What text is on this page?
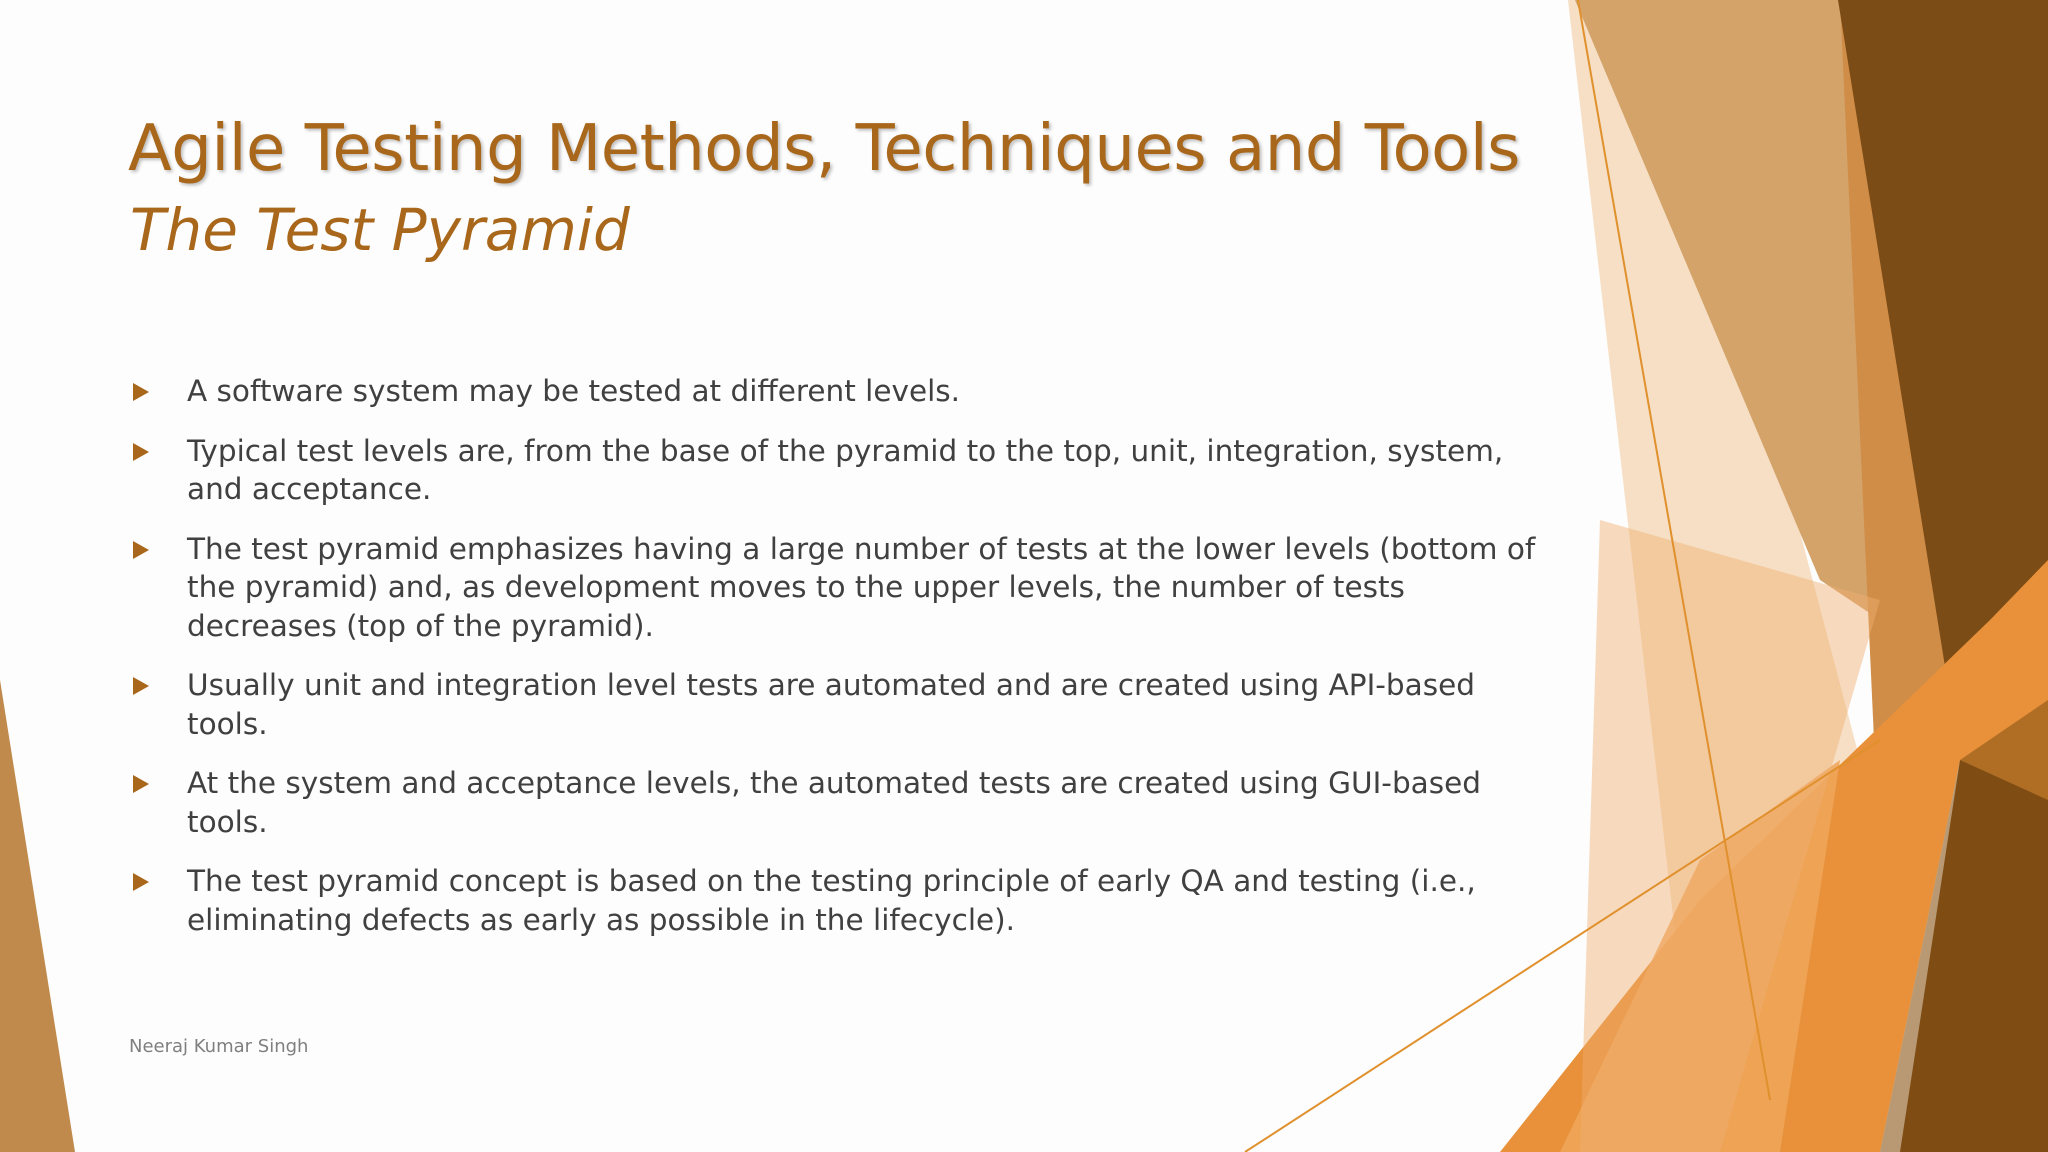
Agile Testing Methods, Techniques and Tools
The Test Pyramid
A software system may be tested at different levels.
Typical test levels are, from the base of the pyramid to the top, unit, integration, system, and acceptance.
The test pyramid emphasizes having a large number of tests at the lower levels (bottom of the pyramid) and, as development moves to the upper levels, the number of tests decreases (top of the pyramid).
Usually unit and integration level tests are automated and are created using API-based tools.
At the system and acceptance levels, the automated tests are created using GUI-based tools.
The test pyramid concept is based on the testing principle of early QA and testing (i.e., eliminating defects as early as possible in the lifecycle).
Neeraj Kumar Singh
